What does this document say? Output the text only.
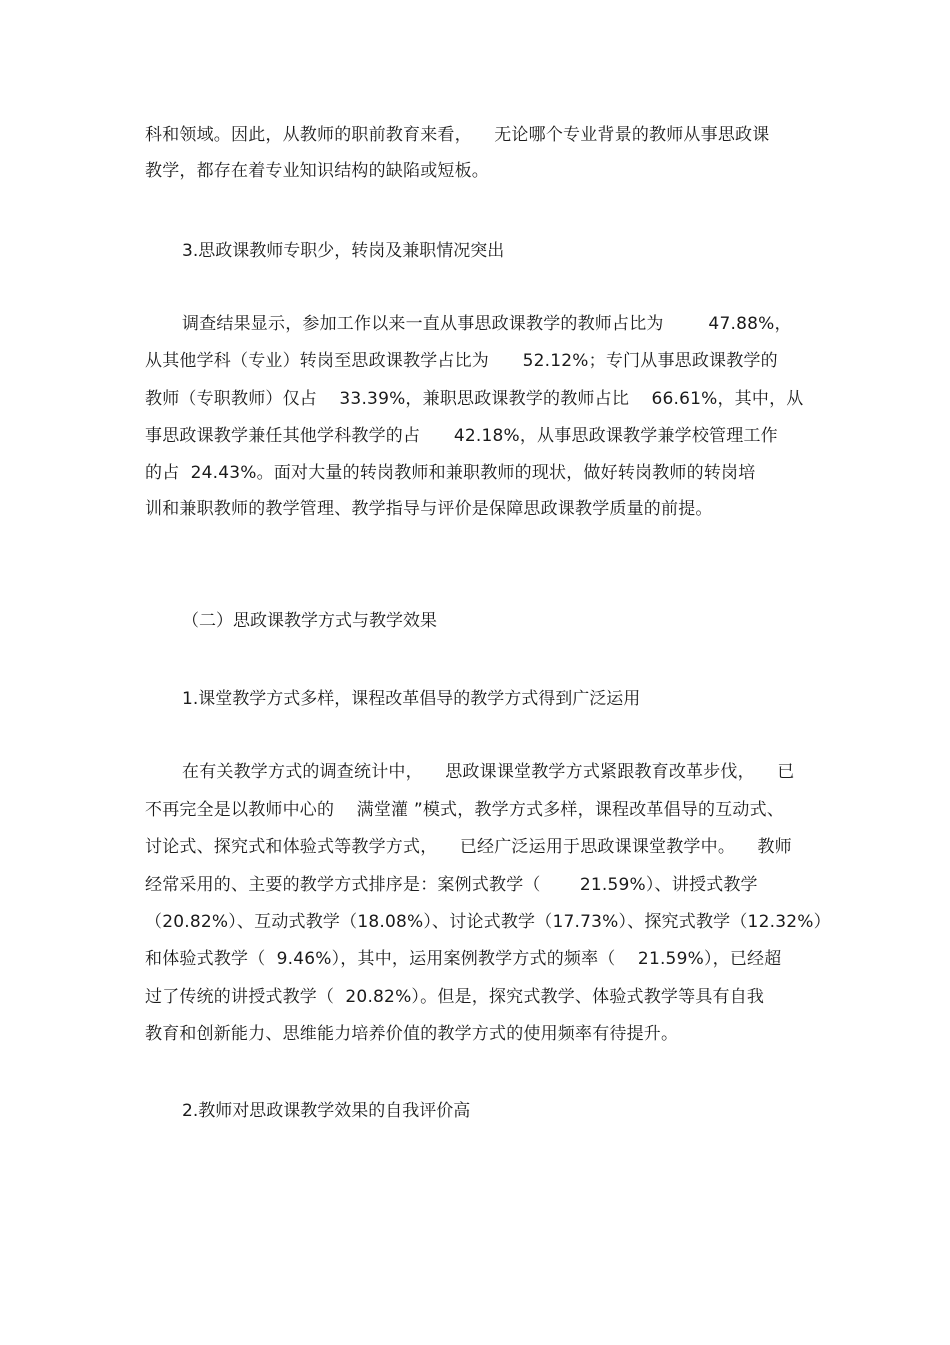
科和领域。因此，从教师的职前教育来看，    无论哪个专业背景的教师从事思政课
教学，都存在着专业知识结构的缺陷或短板。
3.思政课教师专职少，转岗及兼职情况突出
调查结果显示，参加工作以来一直从事思政课教学的教师占比为        47.88%，
从其他学科（专业）转岗至思政课教学占比为      52.12%；专门从事思政课教学的
教师（专职教师）仅占    33.39%，兼职思政课教学的教师占比    66.61%，其中，从
事思政课教学兼任其他学科教学的占      42.18%，从事思政课教学兼学校管理工作
的占  24.43%。面对大量的转岗教师和兼职教师的现状，做好转岗教师的转岗培
训和兼职教师的教学管理、教学指导与评价是保障思政课教学质量的前提。
（二）思政课教学方式与教学效果
1.课堂教学方式多样，课程改革倡导的教学方式得到广泛运用
在有关教学方式的调查统计中，    思政课课堂教学方式紧跟教育改革步伐，    已
不再完全是以教师中心的    满堂灌 ”模式，教学方式多样，课程改革倡导的互动式、
讨论式、探究式和体验式等教学方式，    已经广泛运用于思政课课堂教学中。    教师
经常采用的、主要的教学方式排序是：案例式教学（       21.59%）、讲授式教学
（20.82%）、互动式教学（18.08%）、讨论式教学（17.73%）、探究式教学（12.32%）
和体验式教学（  9.46%），其中，运用案例教学方式的频率（    21.59%），已经超
过了传统的讲授式教学（  20.82%）。但是，探究式教学、体验式教学等具有自我
教育和创新能力、思维能力培养价值的教学方式的使用频率有待提升。
2.教师对思政课教学效果的自我评价高
